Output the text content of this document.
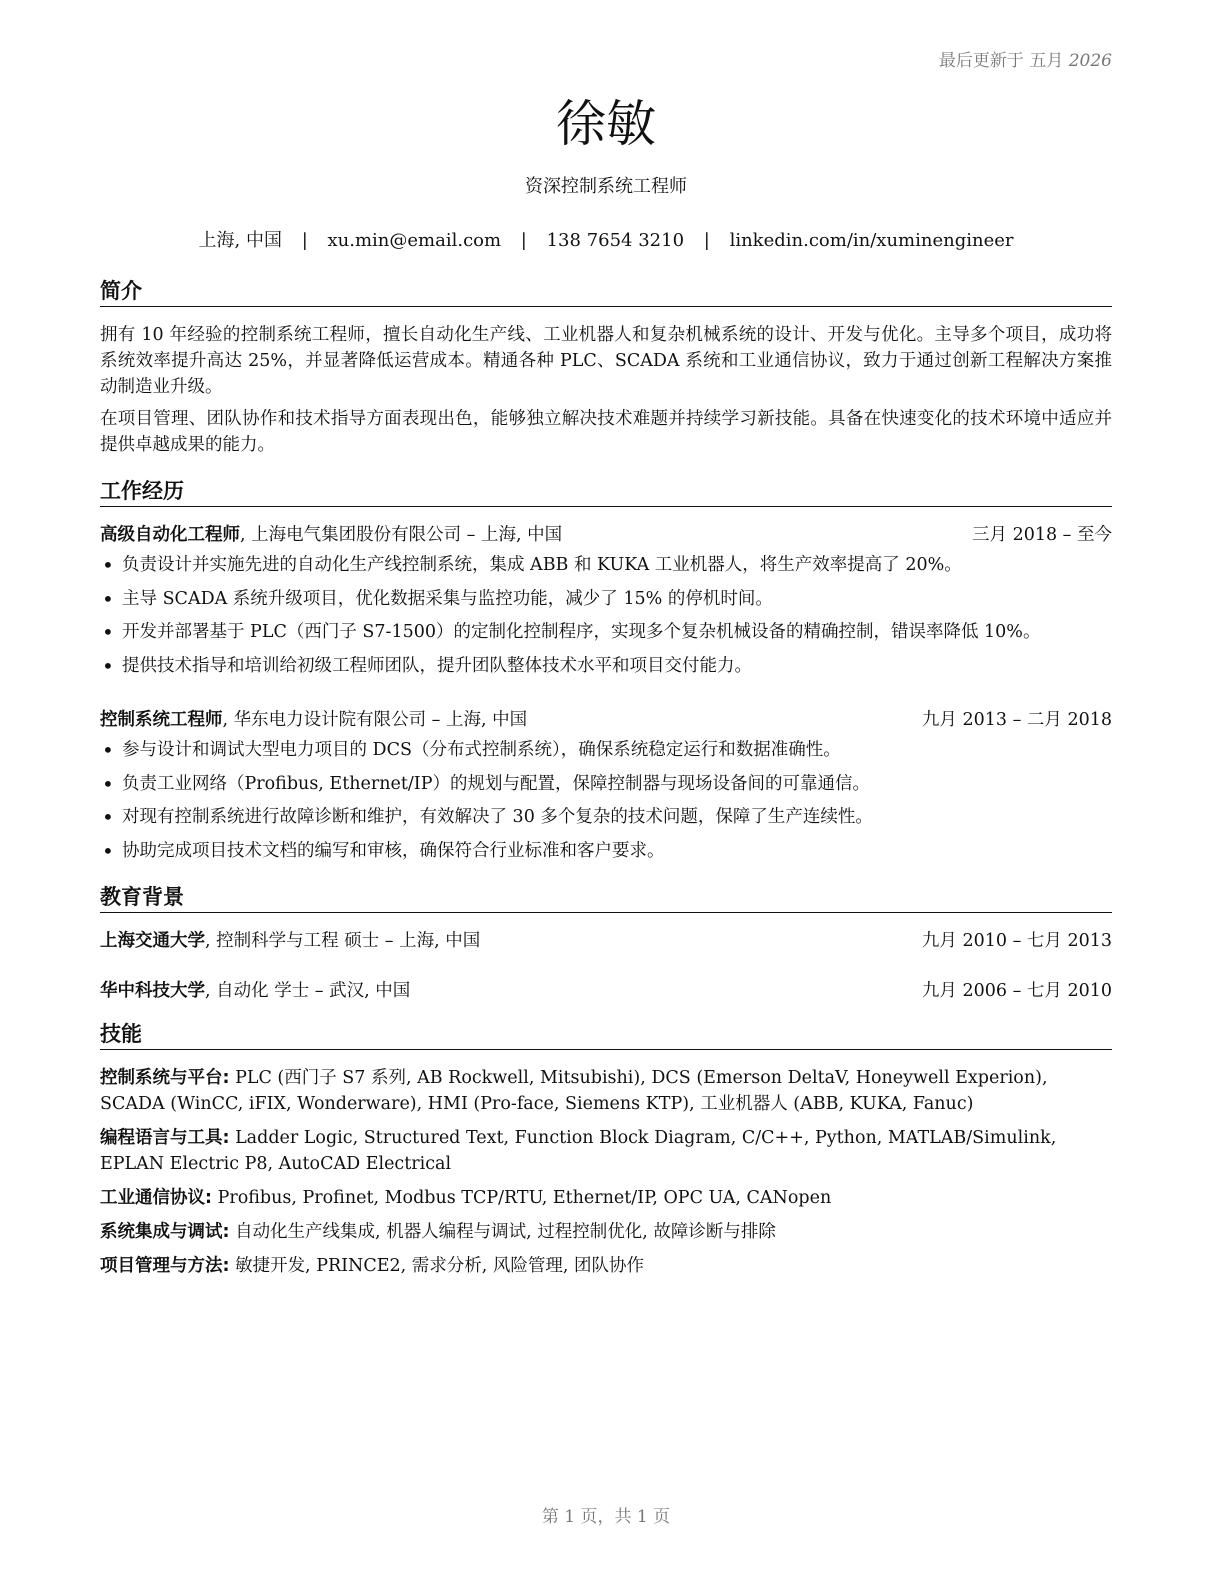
最后更新于 五月 2026
徐敏
资深控制系统工程师
上海, 中国 | xu.min@email.com | 138 7654 3210 | linkedin.com/in/xuminengineer
简介

拥有 10 年经验的控制系统工程师，擅长自动化生产线、工业机器人和复杂机械系统的设计、开发与优化。主导多个项目，成功将系统效率提升高达 25%，并显著降低运营成本。精通各种 PLC、SCADA 系统和工业通信协议，致力于通过创新工程解决方案推动制造业升级。

在项目管理、团队协作和技术指导方面表现出色，能够独立解决技术难题并持续学习新技能。具备在快速变化的技术环境中适应并提供卓越成果的能力。

工作经历
高级自动化工程师, 上海电气集团股份有限公司 – 上海, 中国	三月 2018 – 至今
• 负责设计并实施先进的自动化生产线控制系统，集成 ABB 和 KUKA 工业机器人，将生产效率提高了 20%。
• 主导 SCADA 系统升级项目，优化数据采集与监控功能，减少了 15% 的停机时间。
• 开发并部署基于 PLC（西门子 S7-1500）的定制化控制程序，实现多个复杂机械设备的精确控制，错误率降低 10%。
• 提供技术指导和培训给初级工程师团队，提升团队整体技术水平和项目交付能力。
控制系统工程师, 华东电力设计院有限公司 – 上海, 中国	九月 2013 – 二月 2018
• 参与设计和调试大型电力项目的 DCS（分布式控制系统），确保系统稳定运行和数据准确性。
• 负责工业网络（Profibus, Ethernet/IP）的规划与配置，保障控制器与现场设备间的可靠通信。
• 对现有控制系统进行故障诊断和维护，有效解决了 30 多个复杂的技术问题，保障了生产连续性。
• 协助完成项目技术文档的编写和审核，确保符合行业标准和客户要求。
教育背景
上海交通大学, 控制科学与工程 硕士 – 上海, 中国	九月 2010 – 七月 2013
华中科技大学, 自动化 学士 – 武汉, 中国	九月 2006 – 七月 2010
技能

控制系统与平台: PLC (西门子 S7 系列, AB Rockwell, Mitsubishi), DCS (Emerson DeltaV, Honeywell Experion), SCADA (WinCC, iFIX, Wonderware), HMI (Pro-face, Siemens KTP), 工业机器人 (ABB, KUKA, Fanuc)

编程语言与工具: Ladder Logic, Structured Text, Function Block Diagram, C/C++, Python, MATLAB/Simulink, EPLAN Electric P8, AutoCAD Electrical

工业通信协议: Profibus, Profinet, Modbus TCP/RTU, Ethernet/IP, OPC UA, CANopen

系统集成与调试: 自动化生产线集成, 机器人编程与调试, 过程控制优化, 故障诊断与排除

项目管理与方法: 敏捷开发, PRINCE2, 需求分析, 风险管理, 团队协作

第 1 页，共 1 页
